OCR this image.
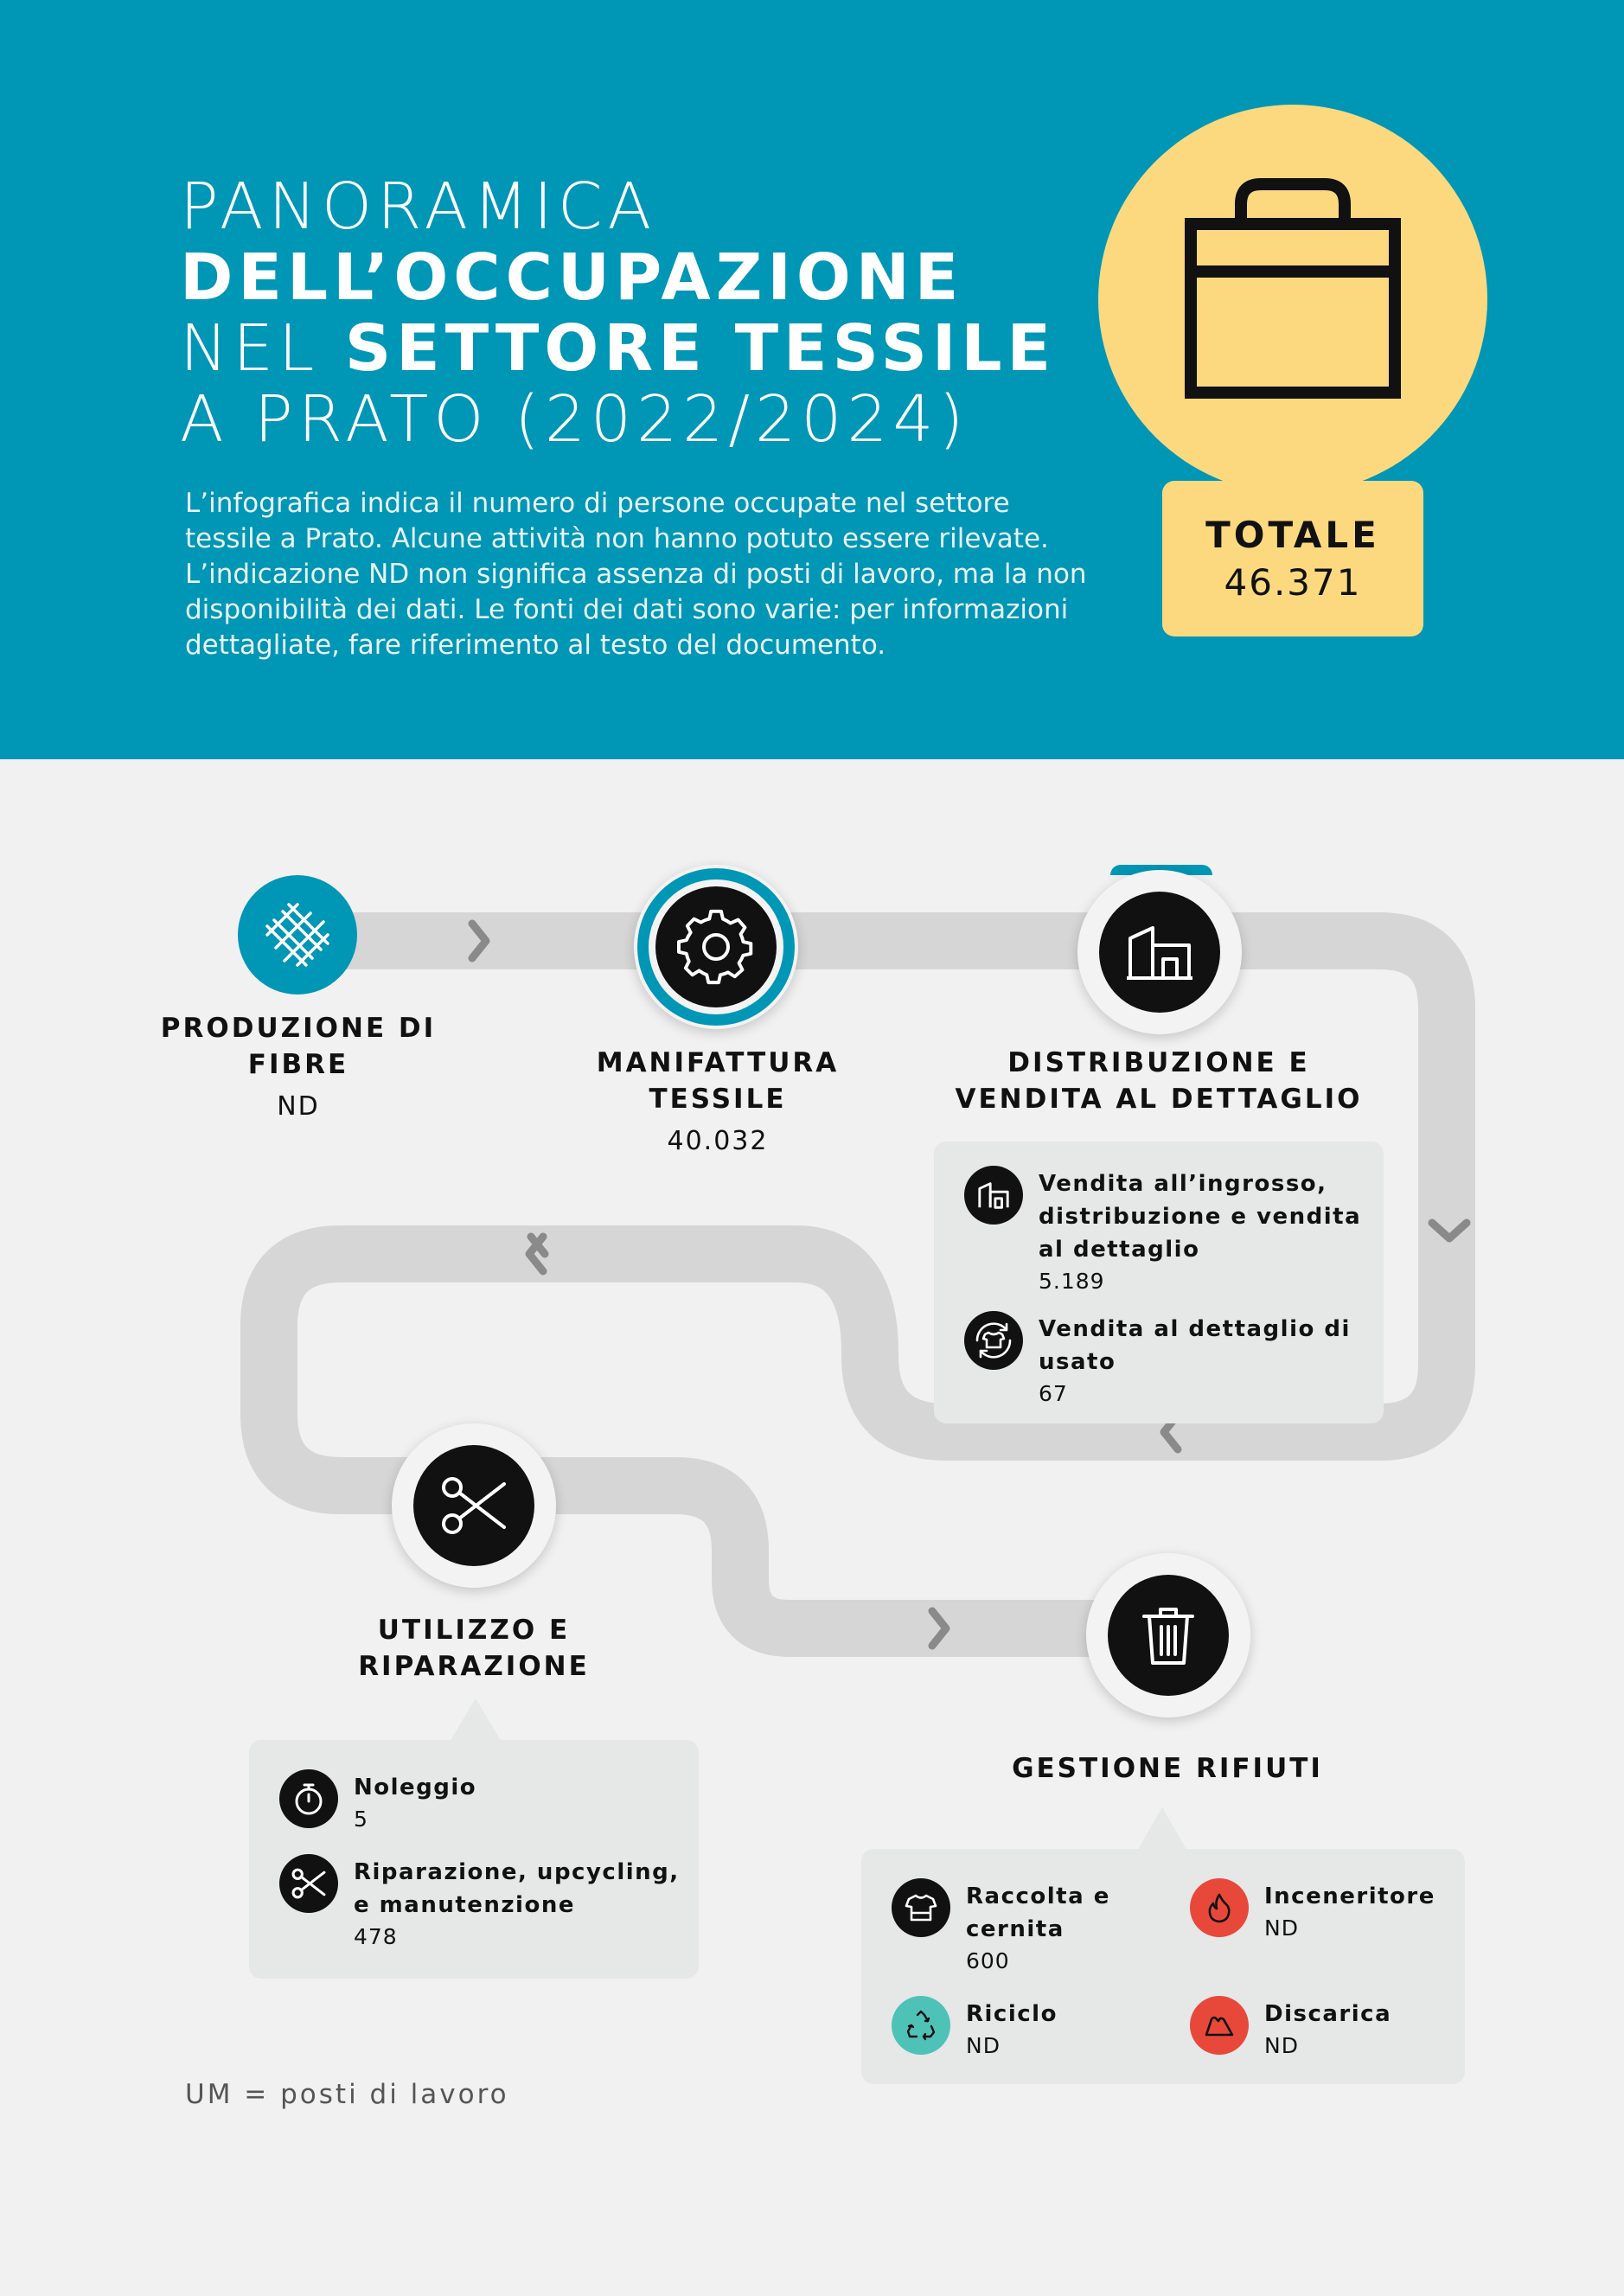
PANORAMICA
DELL’OCCUPAZIONE
NEL SETTORE TESSILE
A PRATO (2022/2024)
L’infografica indica il numero di persone occupate nel settore
tessile a Prato. Alcune attività non hanno potuto essere rilevate.
L’indicazione ND non significa assenza di posti di lavoro, ma la non
disponibilità dei dati. Le fonti dei dati sono varie: per informazioni
dettagliate, fare riferimento al testo del documento.
TOTALE
46.371
PRODUZIONE DI
FIBRE
ND
MANIFATTURA
TESSILE
40.032
DISTRIBUZIONE E
VENDITA AL DETTAGLIO
Vendita all’ingrosso,
distribuzione e vendita
al dettaglio
5.189
Vendita al dettaglio di
usato
67
UTILIZZO E
RIPARAZIONE
Noleggio
5
Riparazione, upcycling,
e manutenzione
478
GESTIONE RIFIUTI
Raccolta e
cernita
600
Inceneritore
ND
Riciclo
ND
Discarica
ND
UM = posti di lavoro
